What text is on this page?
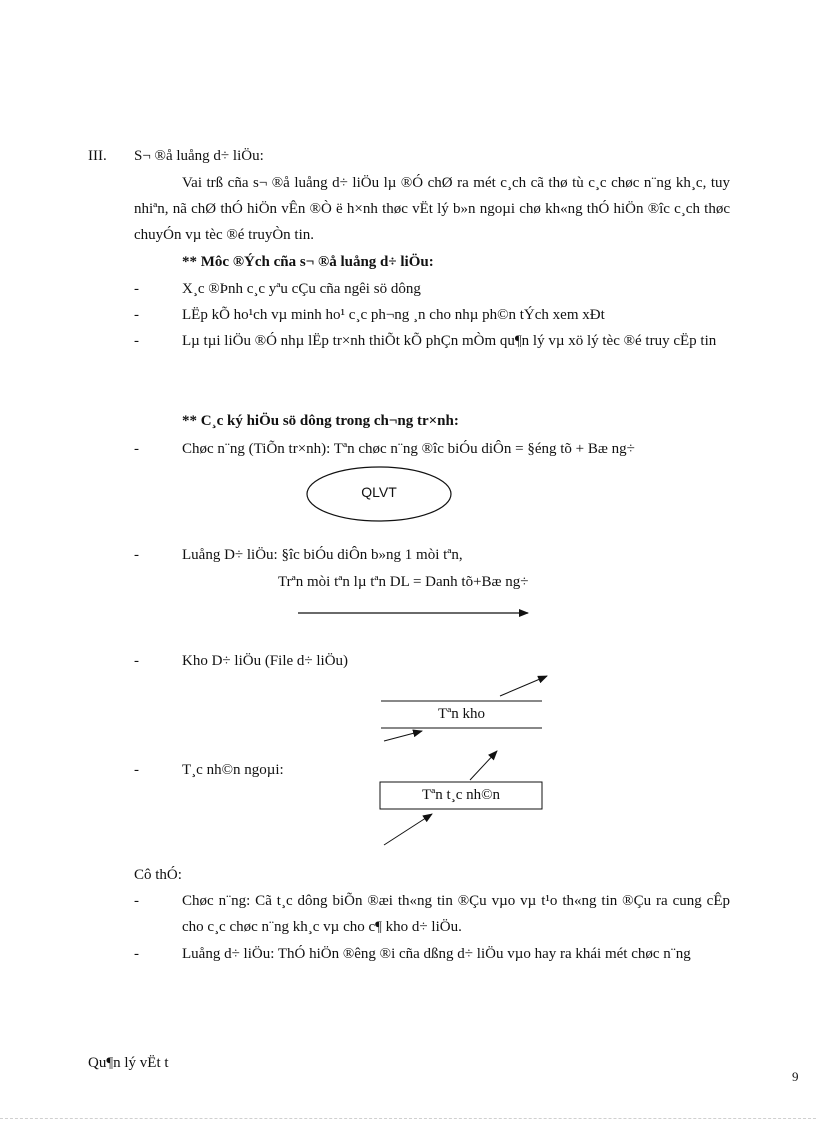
III. S¬ ®å luång d÷ liÖu:
Vai trß cña s¬ ®å luång d÷ liÖu lµ ®Ó chØ ra mét c¸ch cã thø tù c¸c chøc n¨ng kh¸c, tuy nhiªn, nã chØ thÓ hiÖn vÊn ®Ò ë h×nh thøc vËt lý b»n ngoµi chø kh«ng thÓ hiÖn ®îc c¸ch thøc chuyÓn vµ tèc ®é truyÒn tin.
** Môc ®Ých cña s¬ ®å luång d÷ liÖu:
-	X¸c ®Þnh c¸c yªu cÇu cña ngêi sö dông
-	LËp kÕ ho¹ch vµ minh ho¹ c¸c ph¬ng ¸n cho nhµ ph©n tÝch xem xÐt
-	Lµ tµi liÖu ®Ó nhµ lËp tr×nh thiÕt kÕ phÇn mÒm qu¶n lý vµ xö lý tèc ®é truy cËp tin
** C¸c ký hiÖu sö dông trong ch¬ng tr×nh:
-	Chøc n¨ng (TiÕn tr×nh): Tªn chøc n¨ng ®îc biÓu diÔn = §éng tõ + Bæ ng÷
-	Luång D÷ liÖu: §îc biÓu diÔn b»ng 1 mòi tªn,
Trªn mòi tªn lµ tªn DL = Danh tõ+Bæ ng÷
-	Kho D÷ liÖu (File d÷ liÖu)
-	T¸c nh©n ngoµi:
QLVT
Tªn kho
Tªn t¸c nh©n
Cô thÓ:
-	Chøc n¨ng: Cã t¸c dông biÕn ®æi th«ng tin ®Çu vµo vµ t¹o th«ng tin ®Çu ra cung cÊp cho c¸c chøc n¨ng kh¸c vµ cho c¶ kho d÷ liÖu.
-	Luång d÷ liÖu: ThÓ hiÖn ®êng ®i cña dßng d÷ liÖu vµo hay ra khái mét chøc n¨ng
Qu¶n lý vËt t
9
